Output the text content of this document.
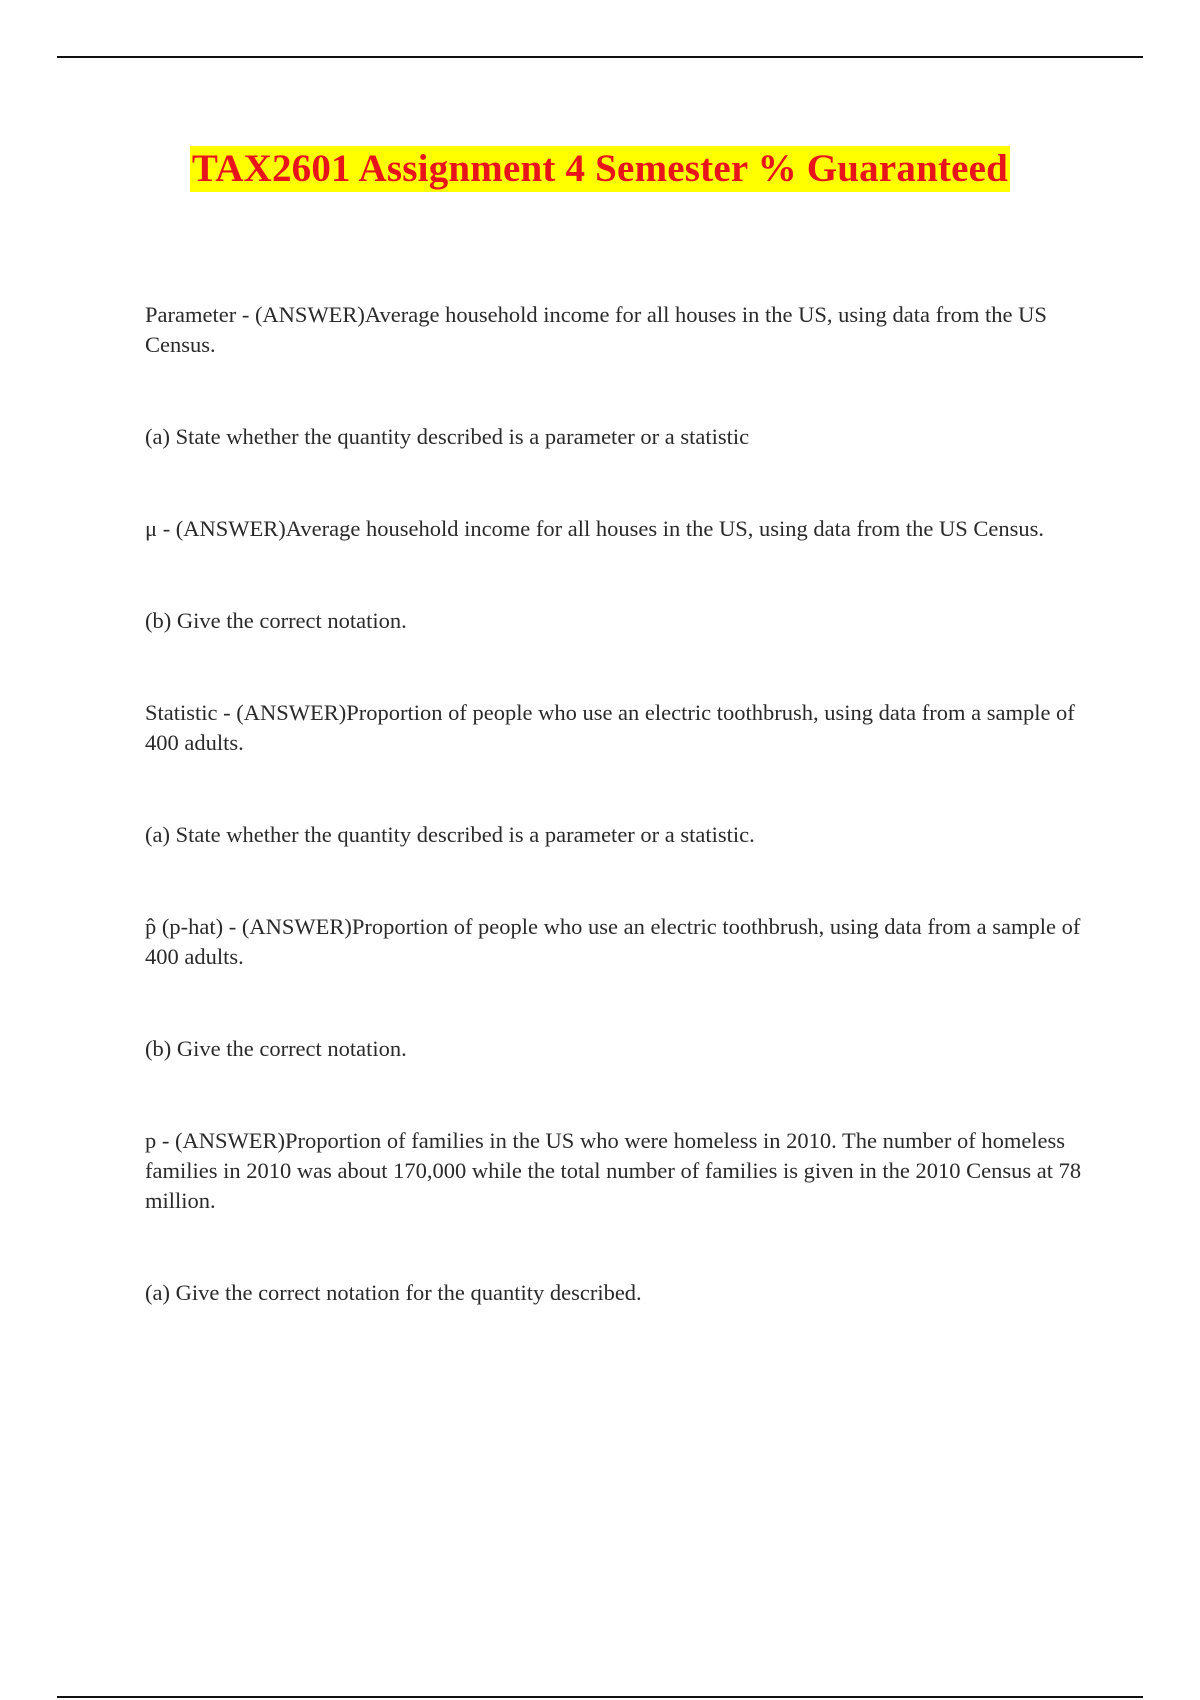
TAX2601 Assignment 4 Semester % Guaranteed

Parameter - (ANSWER)Average household income for all houses in the US, using data from the US Census.

(a) State whether the quantity described is a parameter or a statistic

μ - (ANSWER)Average household income for all houses in the US, using data from the US Census.

(b) Give the correct notation.

Statistic - (ANSWER)Proportion of people who use an electric toothbrush, using data from a sample of 400 adults.

(a) State whether the quantity described is a parameter or a statistic.

p̂ (p-hat) - (ANSWER)Proportion of people who use an electric toothbrush, using data from a sample of 400 adults.

(b) Give the correct notation.

p - (ANSWER)Proportion of families in the US who were homeless in 2010. The number of homeless families in 2010 was about 170,000 while the total number of families is given in the 2010 Census at 78 million.

(a) Give the correct notation for the quantity described.
